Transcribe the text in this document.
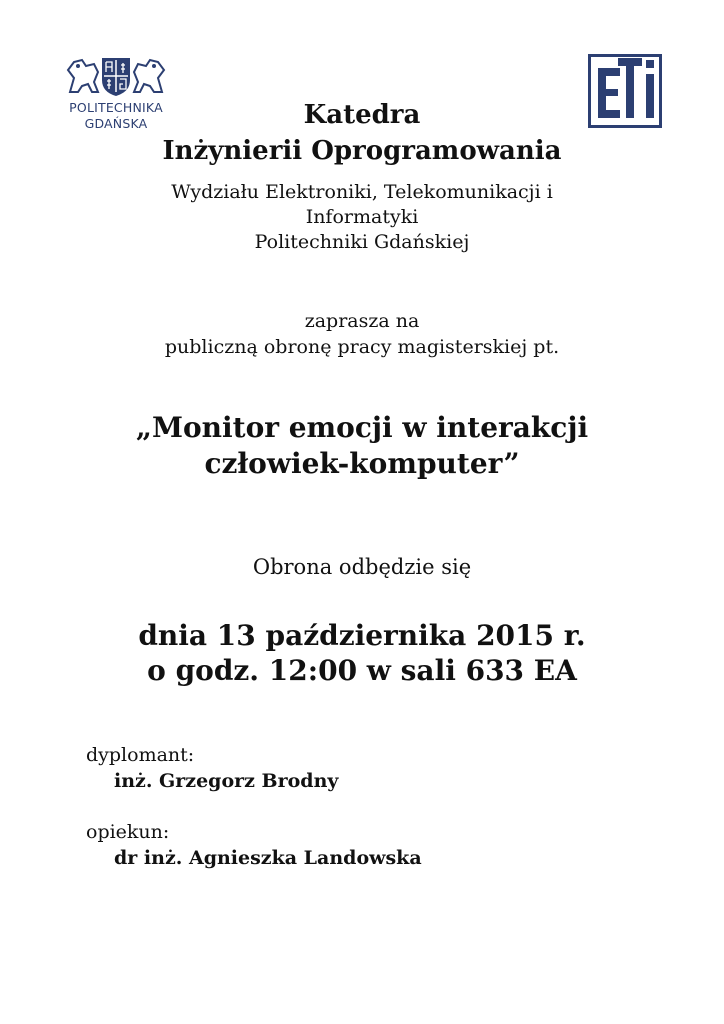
POLITECHNIKA
GDAŃSKA	Katedra
Inżynierii Oprogramowania
Wydziału Elektroniki, Telekomunikacji i
Informatyki
Politechniki Gdańskiej
zaprasza na
publiczną obronę pracy magisterskiej pt.
„Monitor emocji w interakcji
człowiek-komputer”
Obrona odbędzie się
dnia 13 października 2015 r.
o godz. 12:00 w sali 633 EA
dyplomant:
inż. Grzegorz Brodny
opiekun:
dr inż. Agnieszka Landowska
